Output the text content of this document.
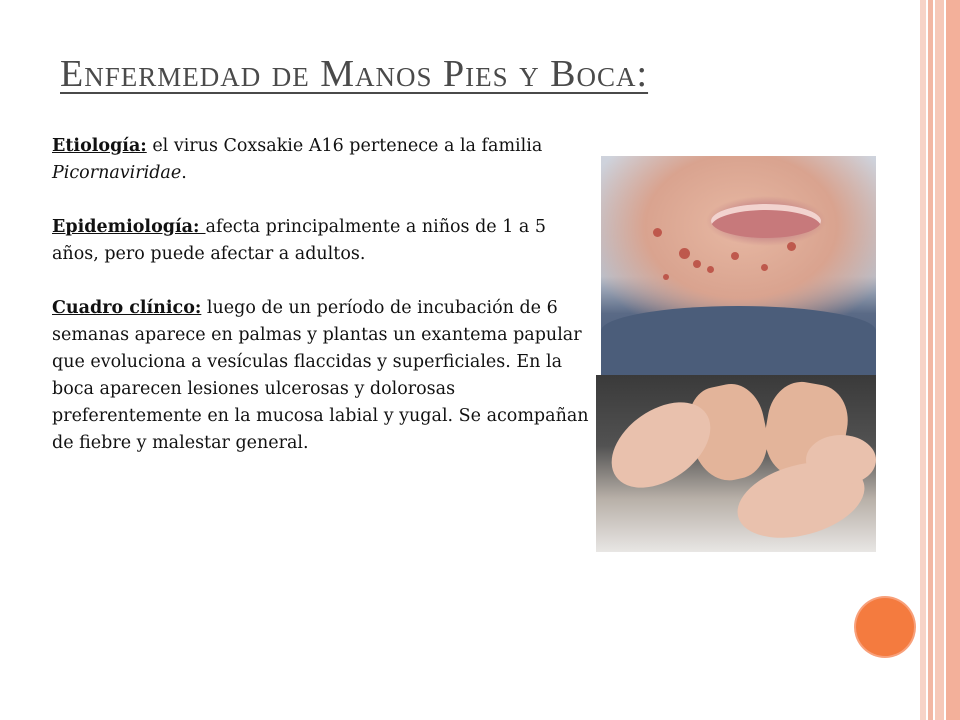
Enfermedad de Manos Pies y Boca:

Etiología: el virus Coxsakie A16 pertenece a la familia Picornaviridae.

Epidemiología: afecta principalmente a niños de 1 a 5 años, pero puede afectar a adultos.

Cuadro clínico: luego de un período de incubación de 6 semanas aparece en palmas y plantas un exantema papular que evoluciona a vesículas flaccidas y superficiales. En la boca aparecen lesiones ulcerosas y dolorosas preferentemente en la mucosa labial y yugal. Se acompañan de fiebre y malestar general.
